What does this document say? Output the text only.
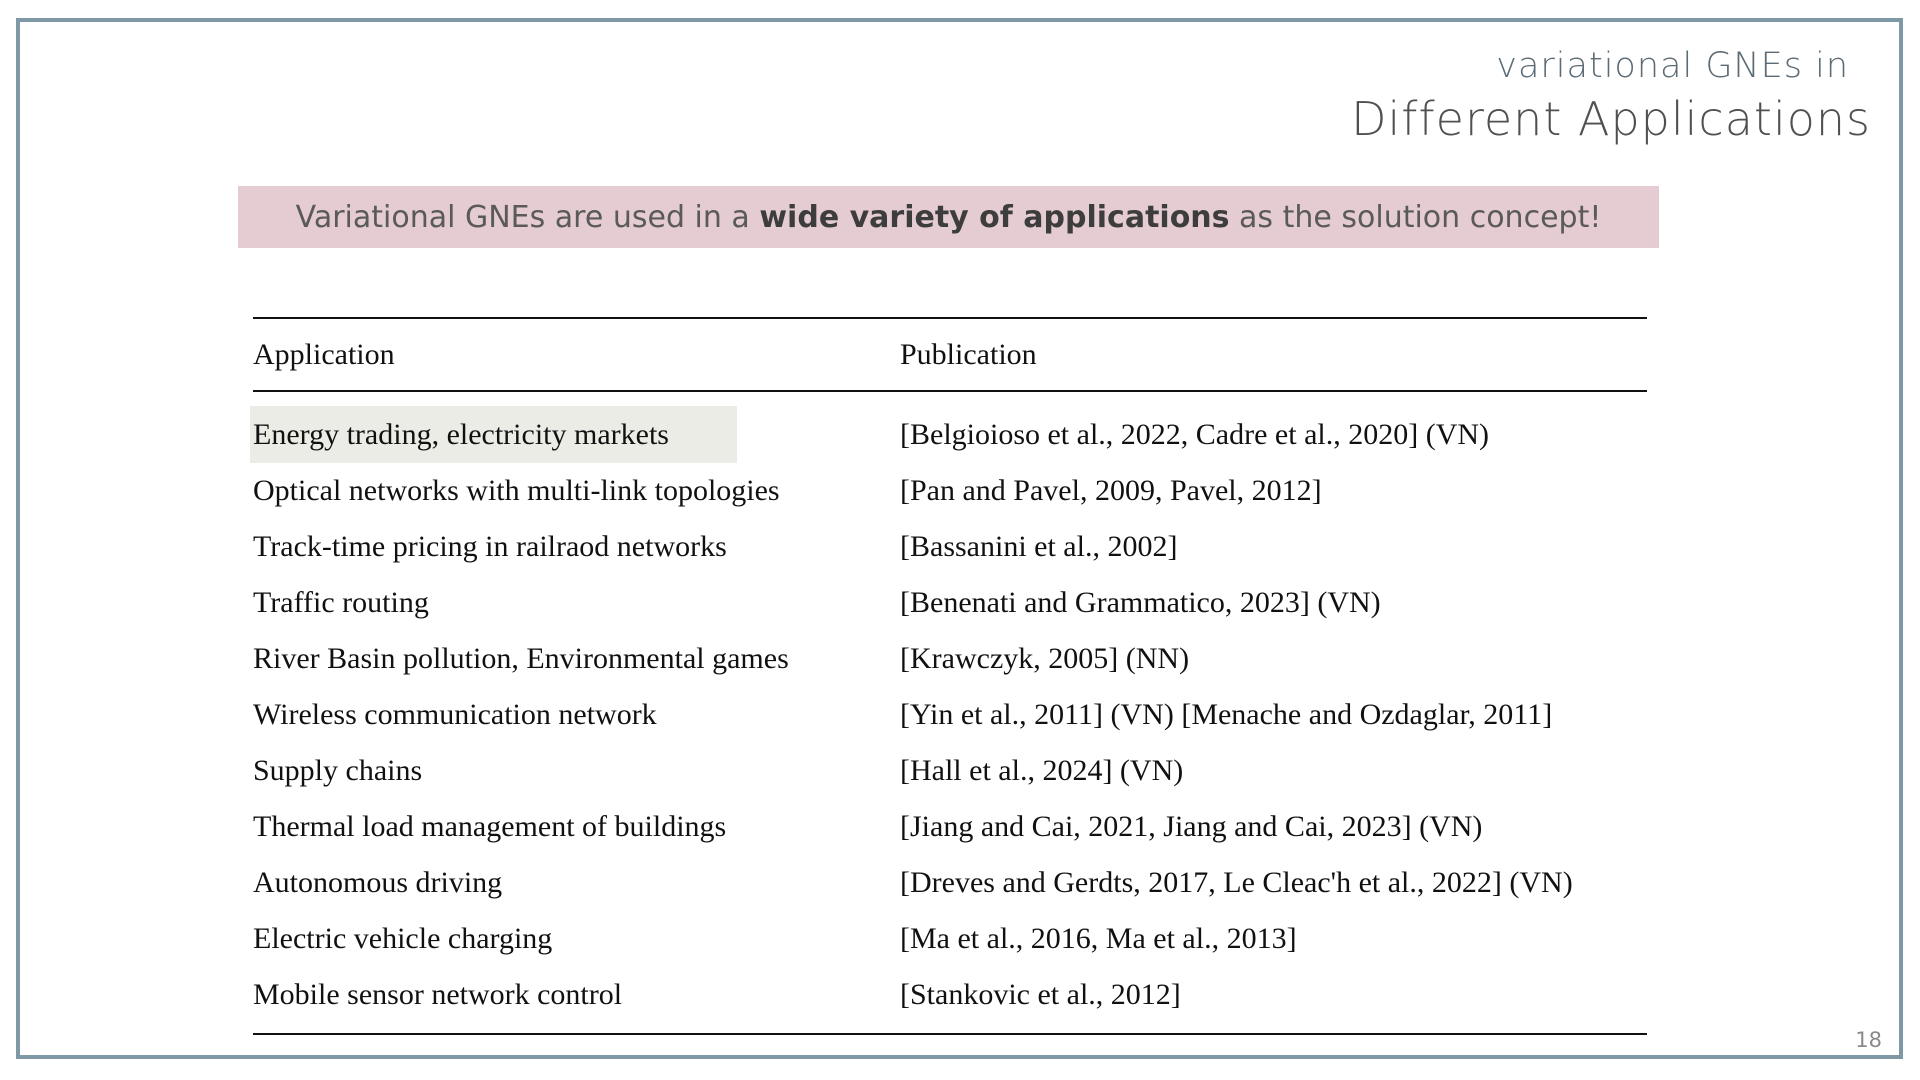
variational GNEs in
Different Applications
Variational GNEs are used in a wide variety of applications as the solution concept!
Application	Publication
Energy trading, electricity markets	[Belgioioso et al., 2022, Cadre et al., 2020] (VN)
Optical networks with multi-link topologies	[Pan and Pavel, 2009, Pavel, 2012]
Track-time pricing in railraod networks	[Bassanini et al., 2002]
Traffic routing	[Benenati and Grammatico, 2023] (VN)
River Basin pollution, Environmental games	[Krawczyk, 2005] (NN)
Wireless communication network	[Yin et al., 2011] (VN) [Menache and Ozdaglar, 2011]
Supply chains	[Hall et al., 2024] (VN)
Thermal load management of buildings	[Jiang and Cai, 2021, Jiang and Cai, 2023] (VN)
Autonomous driving	[Dreves and Gerdts, 2017, Le Cleac'h et al., 2022] (VN)
Electric vehicle charging	[Ma et al., 2016, Ma et al., 2013]
Mobile sensor network control	[Stankovic et al., 2012]
18
